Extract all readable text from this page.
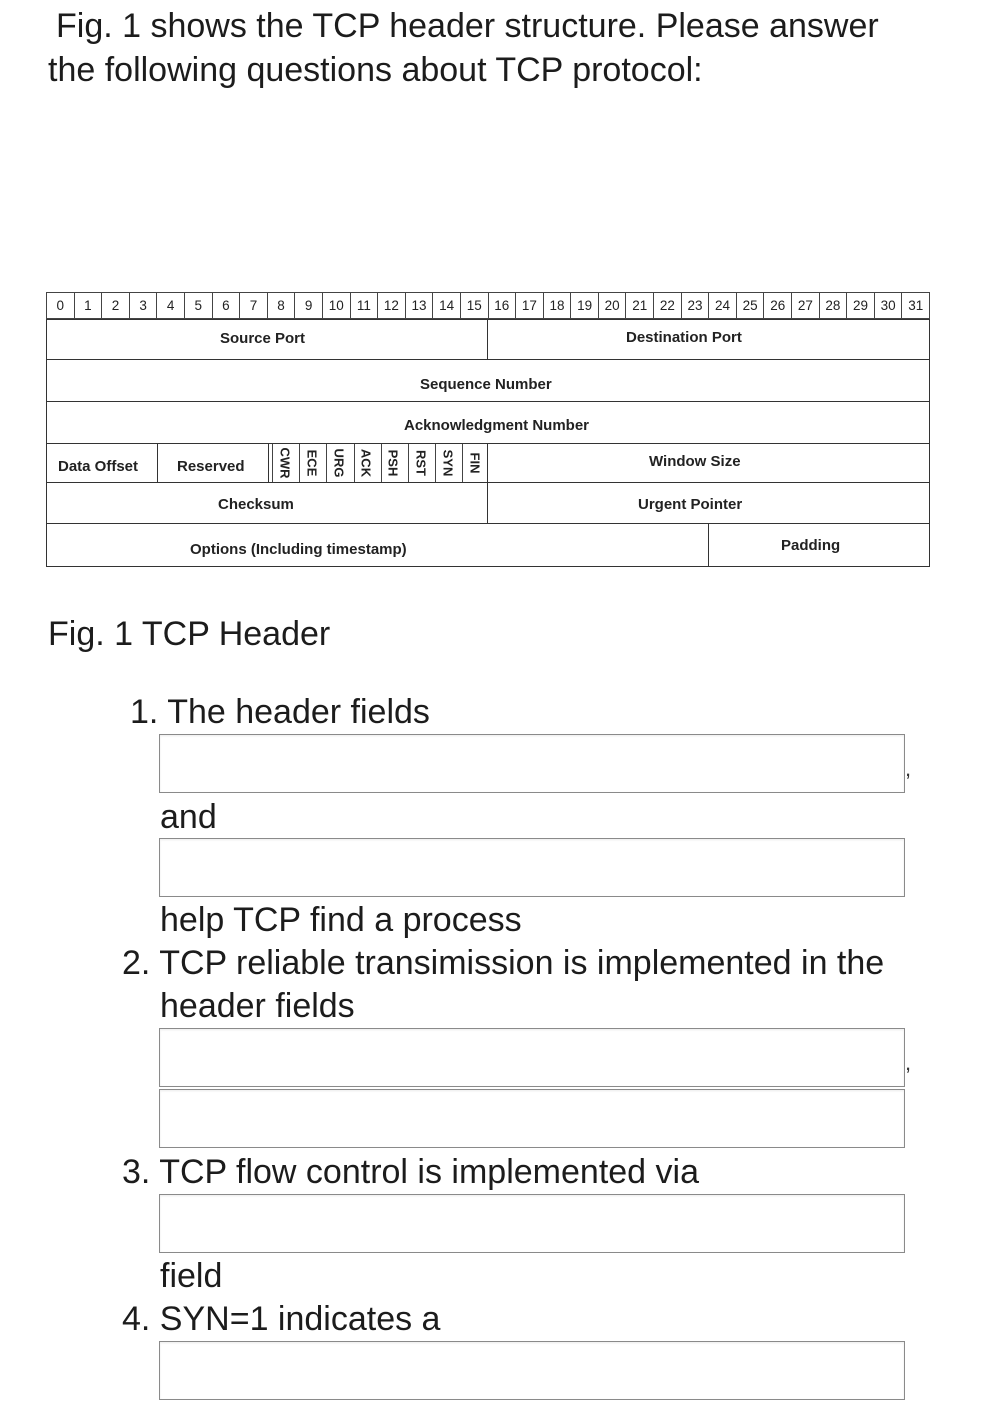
Fig. 1 shows the TCP header structure. Please answer
the following questions about TCP protocol:
0	1	2	3	4	5	6	7	8	9	10 11 12 13 14 15 16 17 18 19 20 21 22 23 24 25 26 27 28 29 30 31
Source Port	Destination Port
Sequence Number
Acknowledgment Number
Data Offset	Reserved CWR ECE URG ACK PSH RST SYN FIN	Window Size
Checksum	Urgent Pointer
Options (Including timestamp)	Padding
Fig. 1 TCP Header
1. The header fields
,
and
help TCP find a process
2. TCP reliable transimission is implemented in the
header fields
,
3. TCP flow control is implemented via
field
4. SYN=1 indicates a
